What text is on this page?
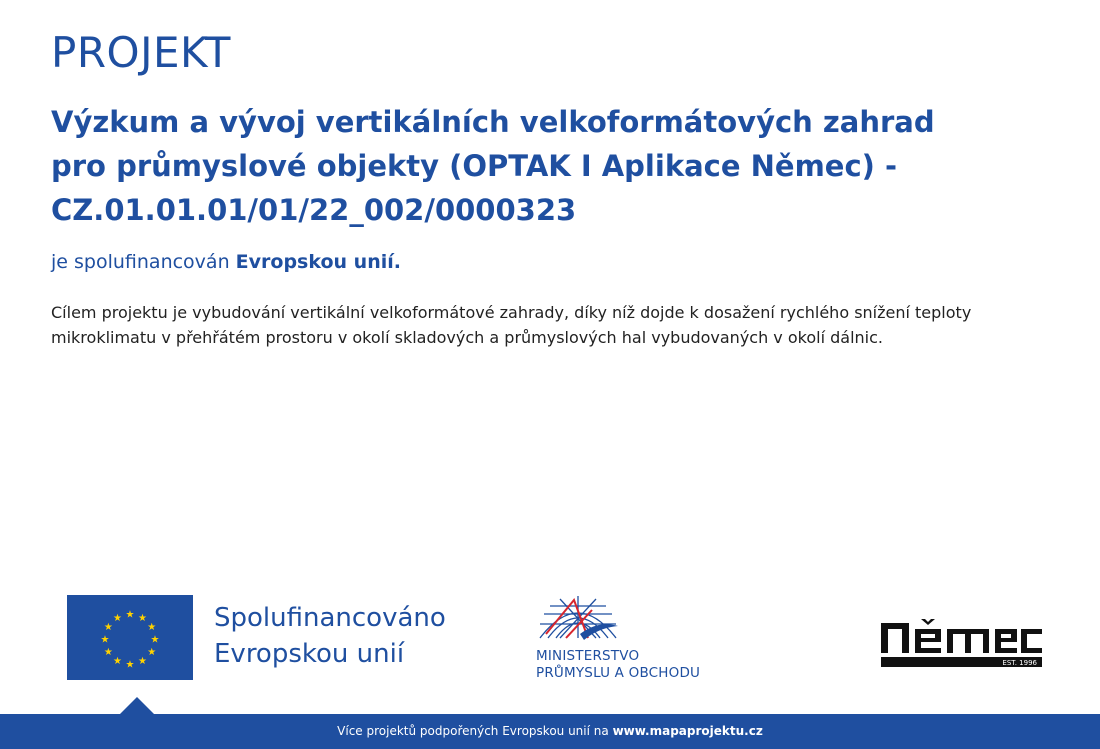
PROJEKT
Výzkum a vývoj vertikálních velkoformátových zahrad
pro průmyslové objekty (OPTAK I Aplikace Němec) -
CZ.01.01.01/01/22_002/0000323
je spolufinancován Evropskou unií.
Cílem projektu je vybudování vertikální velkoformátové zahrady, díky níž dojde k dosažení rychlého snížení teploty
mikroklimatu v přehřátém prostoru v okolí skladových a průmyslových hal vybudovaných v okolí dálnic.
★ ★
★
★
★
★
★
★
★
★
★
★	Spolufinancováno
Evropskou unií	MINISTERSTVO
PRŮMYSLU A OBCHODU
EST. 1996
Více projektů podpořených Evropskou unií na www.mapaprojektu.cz
